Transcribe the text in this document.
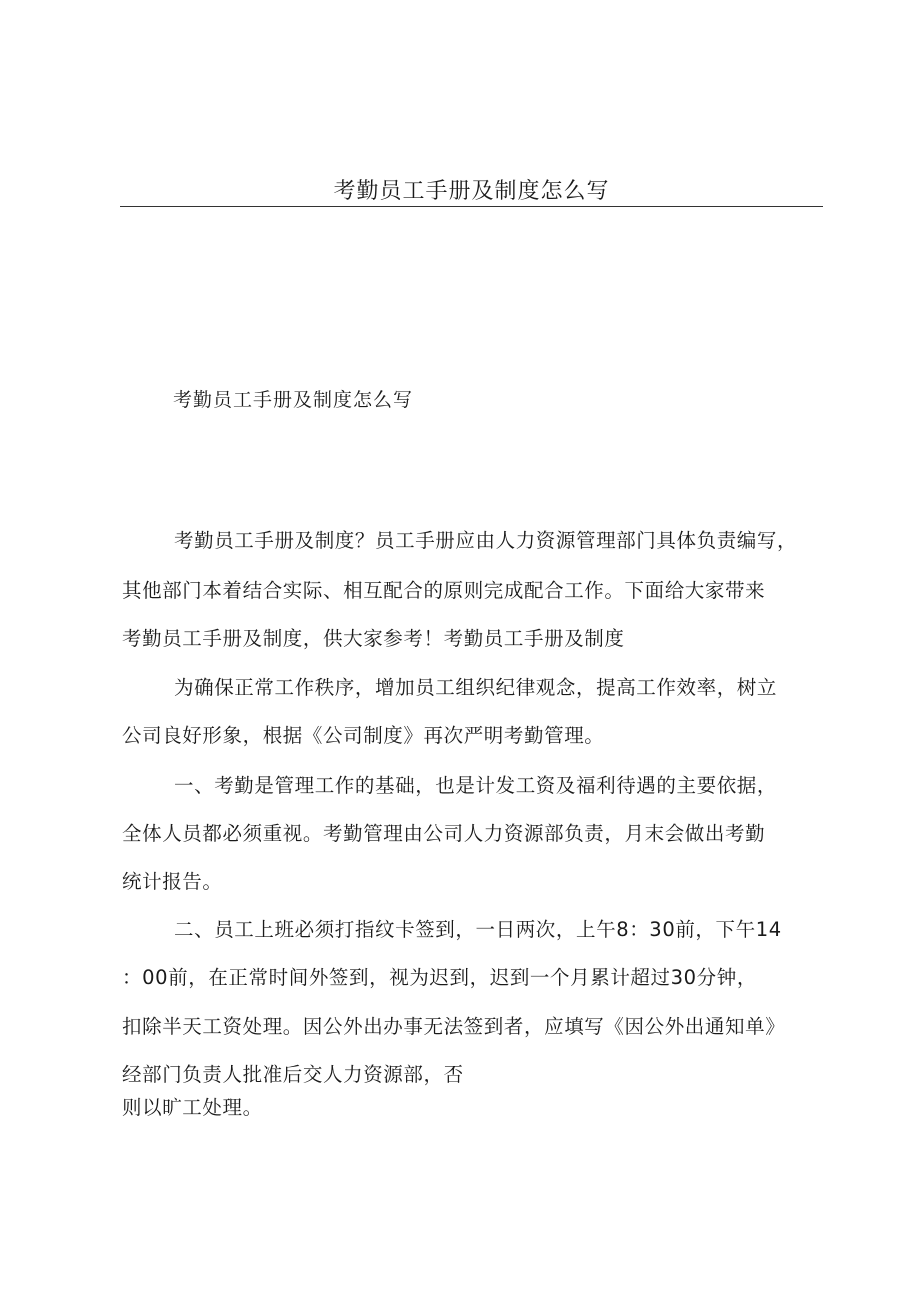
考勤员工手册及制度怎么写
考勤员工手册及制度怎么写
考勤员工手册及制度？员工手册应由人力资源管理部门具体负责编写，
其他部门本着结合实际、相互配合的原则完成配合工作。下面给大家带来
考勤员工手册及制度，供大家参考！考勤员工手册及制度
为确保正常工作秩序，增加员工组织纪律观念，提高工作效率，树立
公司良好形象，根据《公司制度》再次严明考勤管理。
一、考勤是管理工作的基础，也是计发工资及福利待遇的主要依据，
全体人员都必须重视。考勤管理由公司人力资源部负责，月末会做出考勤
统计报告。
二、员工上班必须打指纹卡签到，一日两次，上午8：30前，下午14
：00前，在正常时间外签到，视为迟到，迟到一个月累计超过30分钟，
扣除半天工资处理。因公外出办事无法签到者，应填写《因公外出通知单》
经部门负责人批准后交人力资源部，否
则以旷工处理。
